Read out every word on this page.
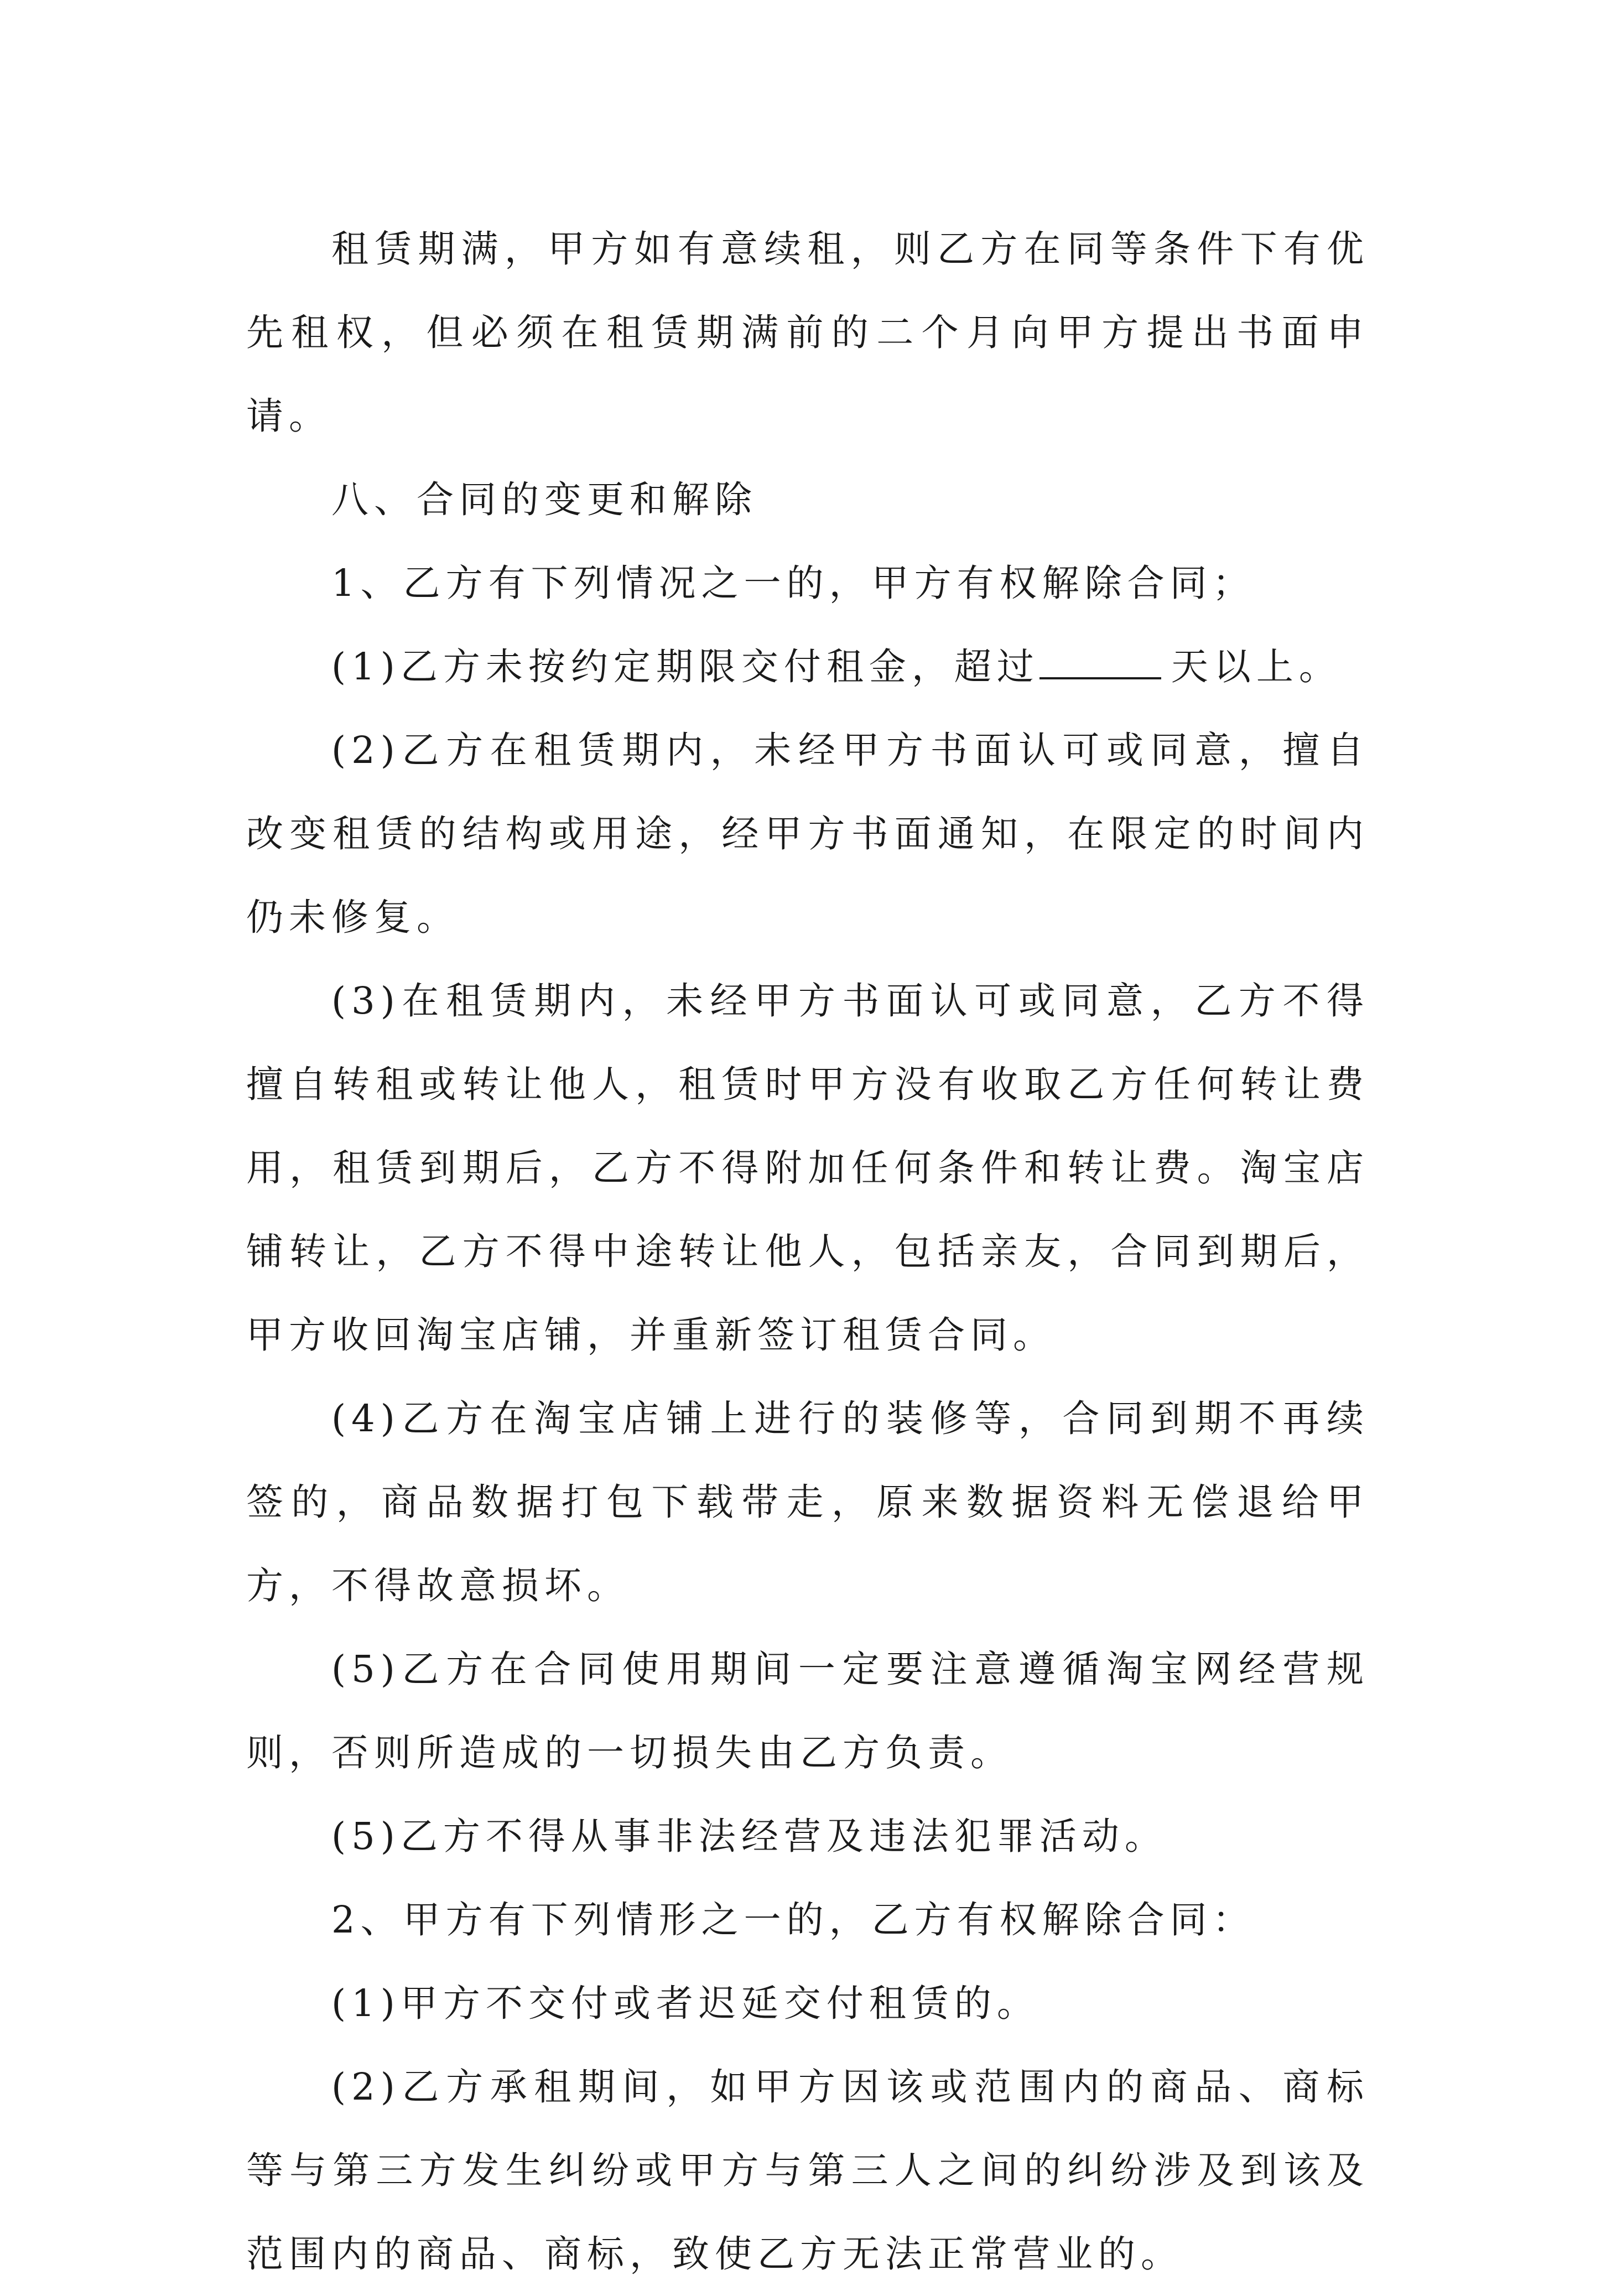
租赁期满，甲方如有意续租，则乙方在同等条件下有优先租权，但必须在租赁期满前的二个月向甲方提出书面申请。

八、合同的变更和解除

1、乙方有下列情况之一的，甲方有权解除合同；

(1)乙方未按约定期限交付租金，超过	天以上。

(2)乙方在租赁期内，未经甲方书面认可或同意，擅自改变租赁的结构或用途，经甲方书面通知，在限定的时间内仍未修复。

(3)在租赁期内，未经甲方书面认可或同意，乙方不得擅自转租或转让他人，租赁时甲方没有收取乙方任何转让费用，租赁到期后，乙方不得附加任何条件和转让费。淘宝店铺转让，乙方不得中途转让他人，包括亲友，合同到期后，甲方收回淘宝店铺，并重新签订租赁合同。

(4)乙方在淘宝店铺上进行的装修等，合同到期不再续签的，商品数据打包下载带走，原来数据资料无偿退给甲方，不得故意损坏。

(5)乙方在合同使用期间一定要注意遵循淘宝网经营规则，否则所造成的一切损失由乙方负责。

(5)乙方不得从事非法经营及违法犯罪活动。

2、甲方有下列情形之一的，乙方有权解除合同：

(1)甲方不交付或者迟延交付租赁的。

(2)乙方承租期间，如甲方因该或范围内的商品、商标等与第三方发生纠纷或甲方与第三人之间的纠纷涉及到该及范围内的商品、商标，致使乙方无法正常营业的。
